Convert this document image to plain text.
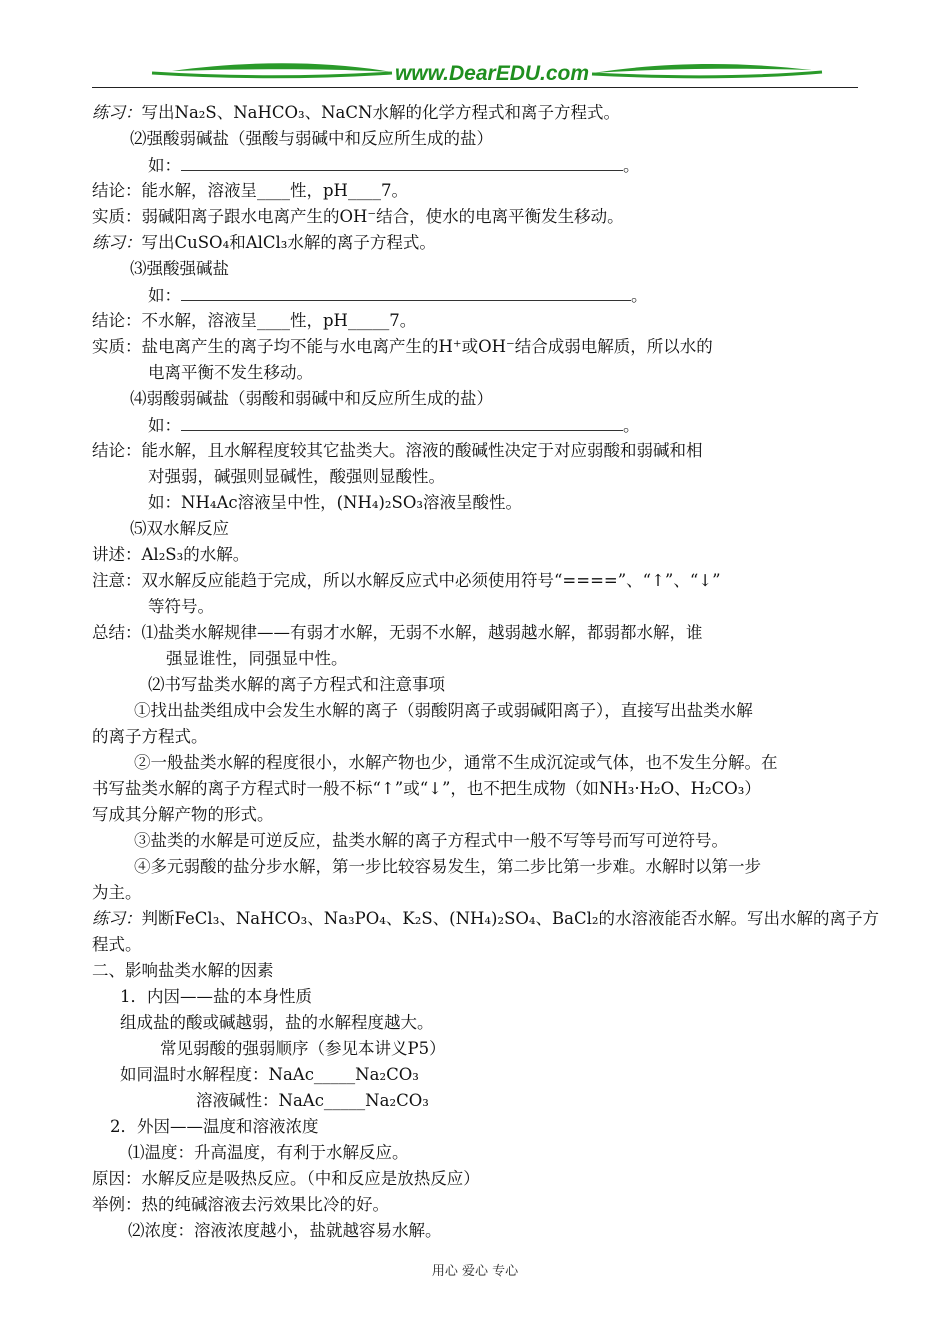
www.DearEDU.com
练习：写出Na₂S、NaHCO₃、NaCN水解的化学方程式和离子方程式。
⑵强酸弱碱盐（强酸与弱碱中和反应所生成的盐）
如：	。
结论：能水解，溶液呈____性，pH____7。
实质：弱碱阳离子跟水电离产生的OH⁻结合，使水的电离平衡发生移动。
练习：写出CuSO₄和AlCl₃水解的离子方程式。
⑶强酸强碱盐
如：	。
结论：不水解，溶液呈____性，pH_____7。
实质：盐电离产生的离子均不能与水电离产生的H⁺或OH⁻结合成弱电解质，所以水的
电离平衡不发生移动。
⑷弱酸弱碱盐（弱酸和弱碱中和反应所生成的盐）
如：	。
结论：能水解，且水解程度较其它盐类大。溶液的酸碱性决定于对应弱酸和弱碱和相
对强弱，碱强则显碱性，酸强则显酸性。
如：NH₄Ac溶液呈中性，(NH₄)₂SO₃溶液呈酸性。
⑸双水解反应
讲述：Al₂S₃的水解。
注意：双水解反应能趋于完成，所以水解反应式中必须使用符号“====”、“↑”、“↓”
等符号。
总结：⑴盐类水解规律——有弱才水解，无弱不水解，越弱越水解，都弱都水解，谁
强显谁性，同强显中性。
⑵书写盐类水解的离子方程式和注意事项
①找出盐类组成中会发生水解的离子（弱酸阴离子或弱碱阳离子），直接写出盐类水解
的离子方程式。
②一般盐类水解的程度很小，水解产物也少，通常不生成沉淀或气体，也不发生分解。在
书写盐类水解的离子方程式时一般不标“↑”或“↓”，也不把生成物（如NH₃·H₂O、H₂CO₃）
写成其分解产物的形式。
③盐类的水解是可逆反应，盐类水解的离子方程式中一般不写等号而写可逆符号。
④多元弱酸的盐分步水解，第一步比较容易发生，第二步比第一步难。水解时以第一步
为主。
练习：判断FeCl₃、NaHCO₃、Na₃PO₄、K₂S、(NH₄)₂SO₄、BaCl₂的水溶液能否水解。写出水解的离子方
程式。
二、影响盐类水解的因素
1．内因——盐的本身性质
组成盐的酸或碱越弱，盐的水解程度越大。
常见弱酸的强弱顺序（参见本讲义P5）
如同温时水解程度：NaAc_____Na₂CO₃
溶液碱性：NaAc_____Na₂CO₃
2．外因——温度和溶液浓度
⑴温度：升高温度，有利于水解反应。
原因：水解反应是吸热反应。（中和反应是放热反应）
举例：热的纯碱溶液去污效果比冷的好。
⑵浓度：溶液浓度越小，盐就越容易水解。
用心 爱心 专心
